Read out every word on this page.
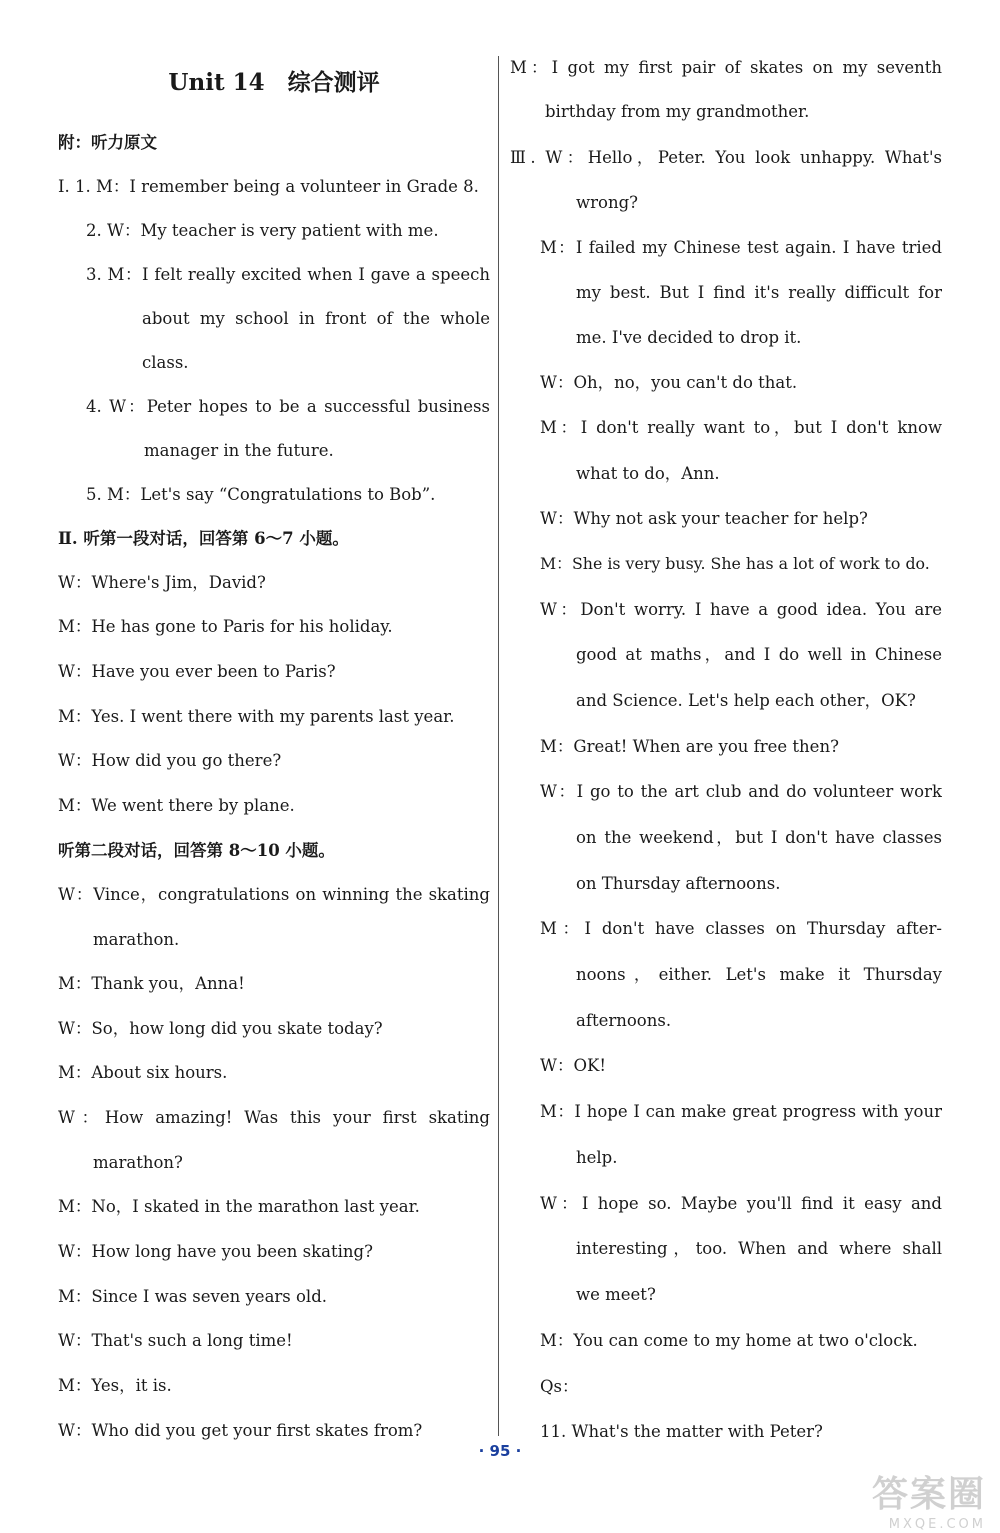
Unit 14　综合测评
附：听力原文
Ⅰ. 1. M：I remember being a volunteer in Grade 8.
2. W：My teacher is very patient with me.
3. M：I felt really excited when I gave a speech
about my school in front of the whole
class.
4. W：Peter hopes to be a successful business
manager in the future.
5. M：Let's say “Congratulations to Bob”.
Ⅱ. 听第一段对话，回答第 6～7 小题。
W：Where's Jim，David?
M：He has gone to Paris for his holiday.
W：Have you ever been to Paris?
M：Yes. I went there with my parents last year.
W：How did you go there?
M：We went there by plane.
听第二段对话，回答第 8～10 小题。
W：Vince，congratulations on winning the skating
marathon.
M：Thank you，Anna!
W：So，how long did you skate today?
M：About six hours.
W：How amazing! Was this your first skating
marathon?
M：No，I skated in the marathon last year.
W：How long have you been skating?
M：Since I was seven years old.
W：That's such a long time!
M：Yes，it is.
W：Who did you get your first skates from?
M：I got my first pair of skates on my seventh
birthday from my grandmother.
Ⅲ. W：Hello，Peter. You look unhappy. What's
wrong?
M：I failed my Chinese test again. I have tried
my best. But I find it's really difficult for
me. I've decided to drop it.
W：Oh，no，you can't do that.
M：I don't really want to，but I don't know
what to do，Ann.
W：Why not ask your teacher for help?
M：She is very busy. She has a lot of work to do.
W：Don't worry. I have a good idea. You are
good at maths，and I do well in Chinese
and Science. Let's help each other，OK?
M：Great! When are you free then?
W：I go to the art club and do volunteer work
on the weekend，but I don't have classes
on Thursday afternoons.
M：I don't have classes on Thursday after-
noons，either. Let's make it Thursday
afternoons.
W：OK!
M：I hope I can make great progress with your
help.
W：I hope so. Maybe you'll find it easy and
interesting，too. When and where shall
we meet?
M：You can come to my home at two o'clock.
Qs：
11. What's the matter with Peter?
· 95 ·
答案圈
MXQE.COM
